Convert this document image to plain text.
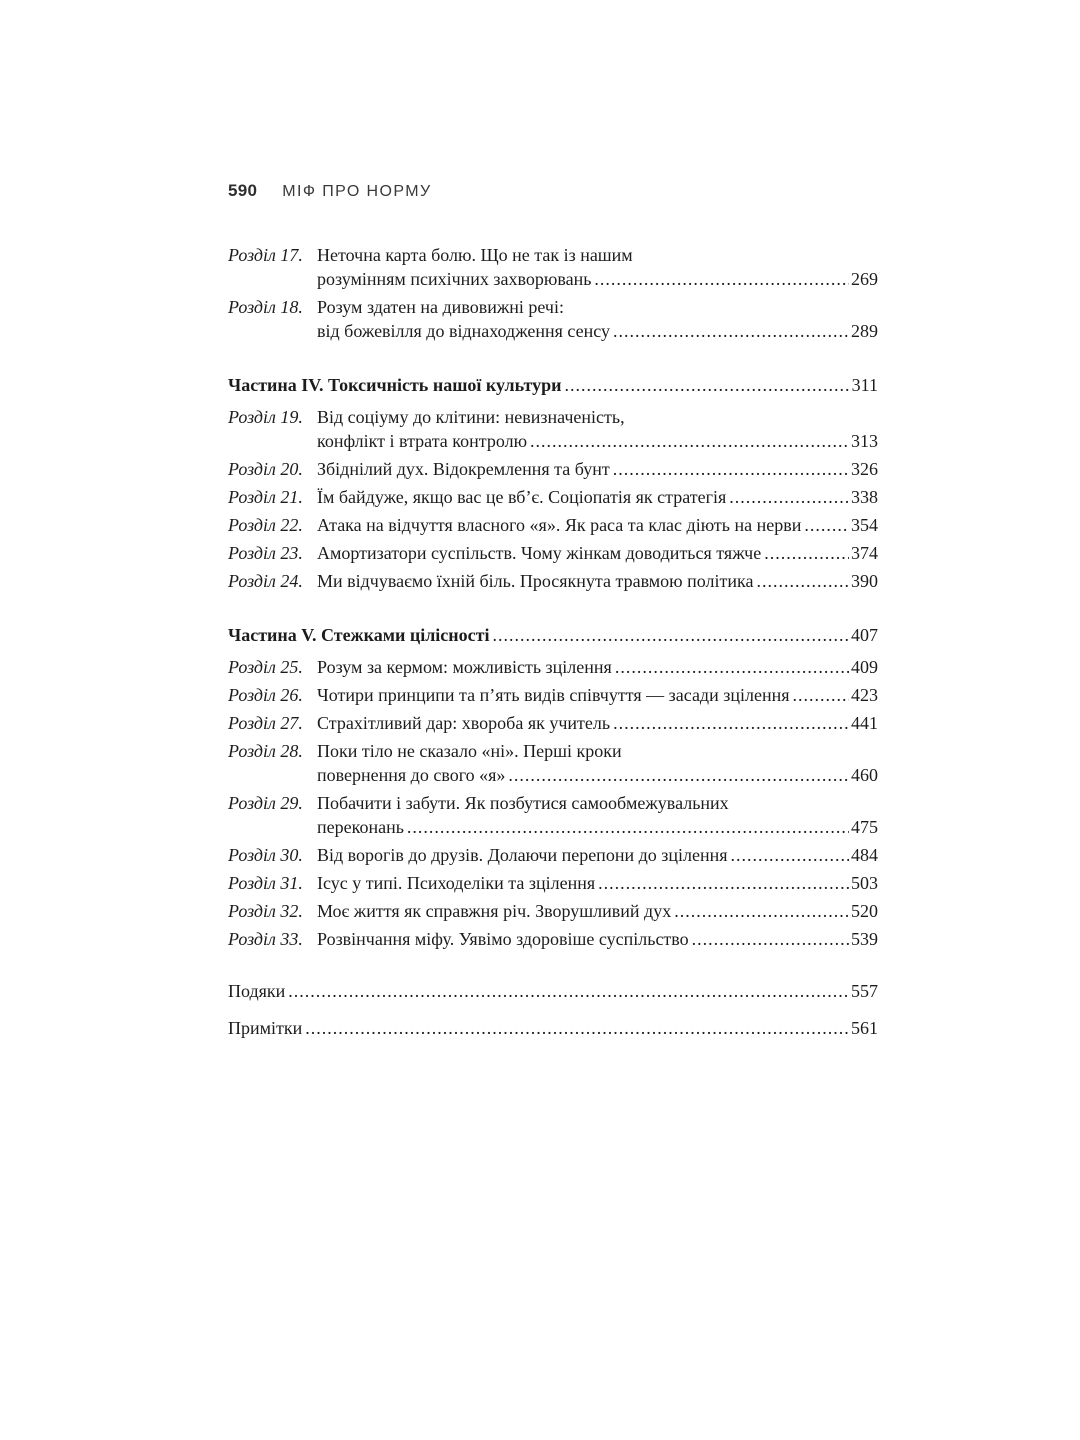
590 МІФ ПРО НОРМУ
Розділ 17. Неточна карта болю. Що не так із нашим
розумінням психічних захворювань .....	269
Розділ 18. Розум здатен на дивовижні речі:
від божевілля до віднаходження сенсу .....	289
Частина IV. Токсичність нашої культури .....	311
Розділ 19. Від соціуму до клітини: невизначеність,
конфлікт і втрата контролю .....	313
Розділ 20. Збіднілий дух. Відокремлення та бунт .....	326
Розділ 21. Їм байдуже, якщо вас це вб’є. Соціопатія як стратегія .....	338
Розділ 22. Атака на відчуття власного «я». Як раса та клас діють на нерви .....	354
Розділ 23. Амортизатори суспільств. Чому жінкам доводиться тяжче .....	374
Розділ 24. Ми відчуваємо їхній біль. Просякнута травмою політика .....	390
Частина V. Стежками цілісності .....	407
Розділ 25. Розум за кермом: можливість зцілення .....	409
Розділ 26. Чотири принципи та п’ять видів співчуття — засади зцілення .....	423
Розділ 27. Страхітливий дар: хвороба як учитель .....	441
Розділ 28. Поки тіло не сказало «ні». Перші кроки
повернення до свого «я» .....	460
Розділ 29. Побачити і забути. Як позбутися самообмежувальних
переконань .....	475
Розділ 30. Від ворогів до друзів. Долаючи перепони до зцілення .....	484
Розділ 31. Ісус у типі. Психоделіки та зцілення .....	503
Розділ 32. Моє життя як справжня річ. Зворушливий дух .....	520
Розділ 33. Розвінчання міфу. Уявімо здоровіше суспільство .....	539
Подяки .....	557
Примітки .....	561
